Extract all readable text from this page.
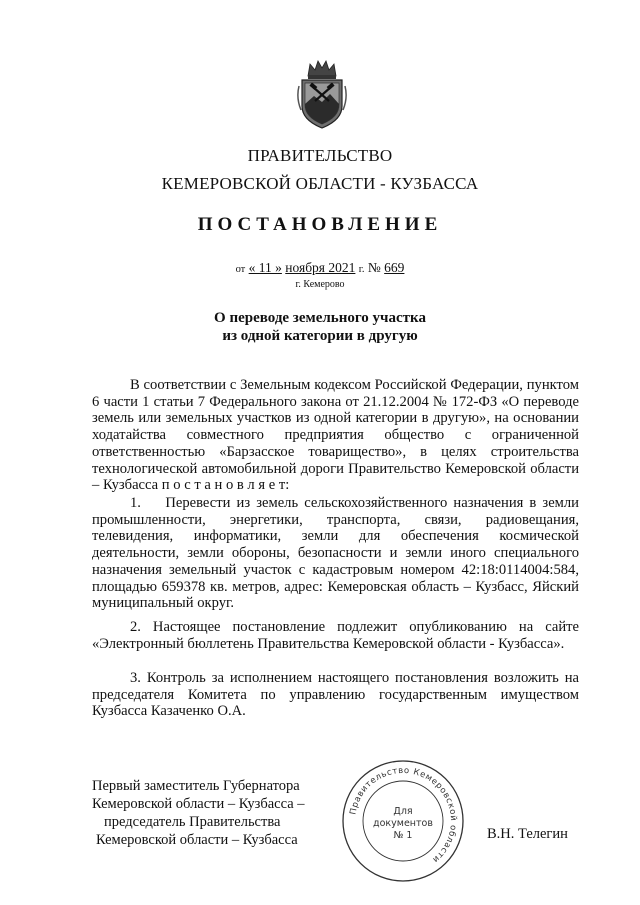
ПРАВИТЕЛЬСТВО
КЕМЕРОВСКОЙ ОБЛАСТИ - КУЗБАССА
ПОСТАНОВЛЕНИЕ
от « 11 » ноября 2021 г. № 669
г. Кемерово
О переводе земельного участка
из одной категории в другую
В соответствии с Земельным кодексом Российской Федерации, пунктом 6 части 1 статьи 7 Федерального закона от 21.12.2004 № 172-ФЗ «О переводе земель или земельных участков из одной категории в другую», на основании ходатайства совместного предприятия общество с ограниченной ответственностью «Барзасское товарищество», в целях строительства технологической автомобильной дороги Правительство Кемеровской области – Кузбасса п о с т а н о в л я е т:
1.    Перевести из земель сельскохозяйственного назначения в земли промышленности, энергетики, транспорта, связи, радиовещания, телевидения, информатики, земли для обеспечения космической деятельности, земли обороны, безопасности и земли иного специального назначения земельный участок с кадастровым номером 42:18:0114004:584, площадью 659378 кв. метров, адрес: Кемеровская область – Кузбасс, Яйский муниципальный округ.
2. Настоящее постановление подлежит опубликованию на сайте «Электронный бюллетень Правительства Кемеровской области - Кузбасса».
3. Контроль за исполнением настоящего постановления возложить на председателя Комитета по управлению государственным имуществом Кузбасса Казаченко О.А.
Первый заместитель Губернатора
Кемеровской области – Кузбасса –
председатель Правительства
Кемеровской области – Кузбасса
Правительство Кемеровской области
Для
документов
№ 1	В.Н. Телегин
